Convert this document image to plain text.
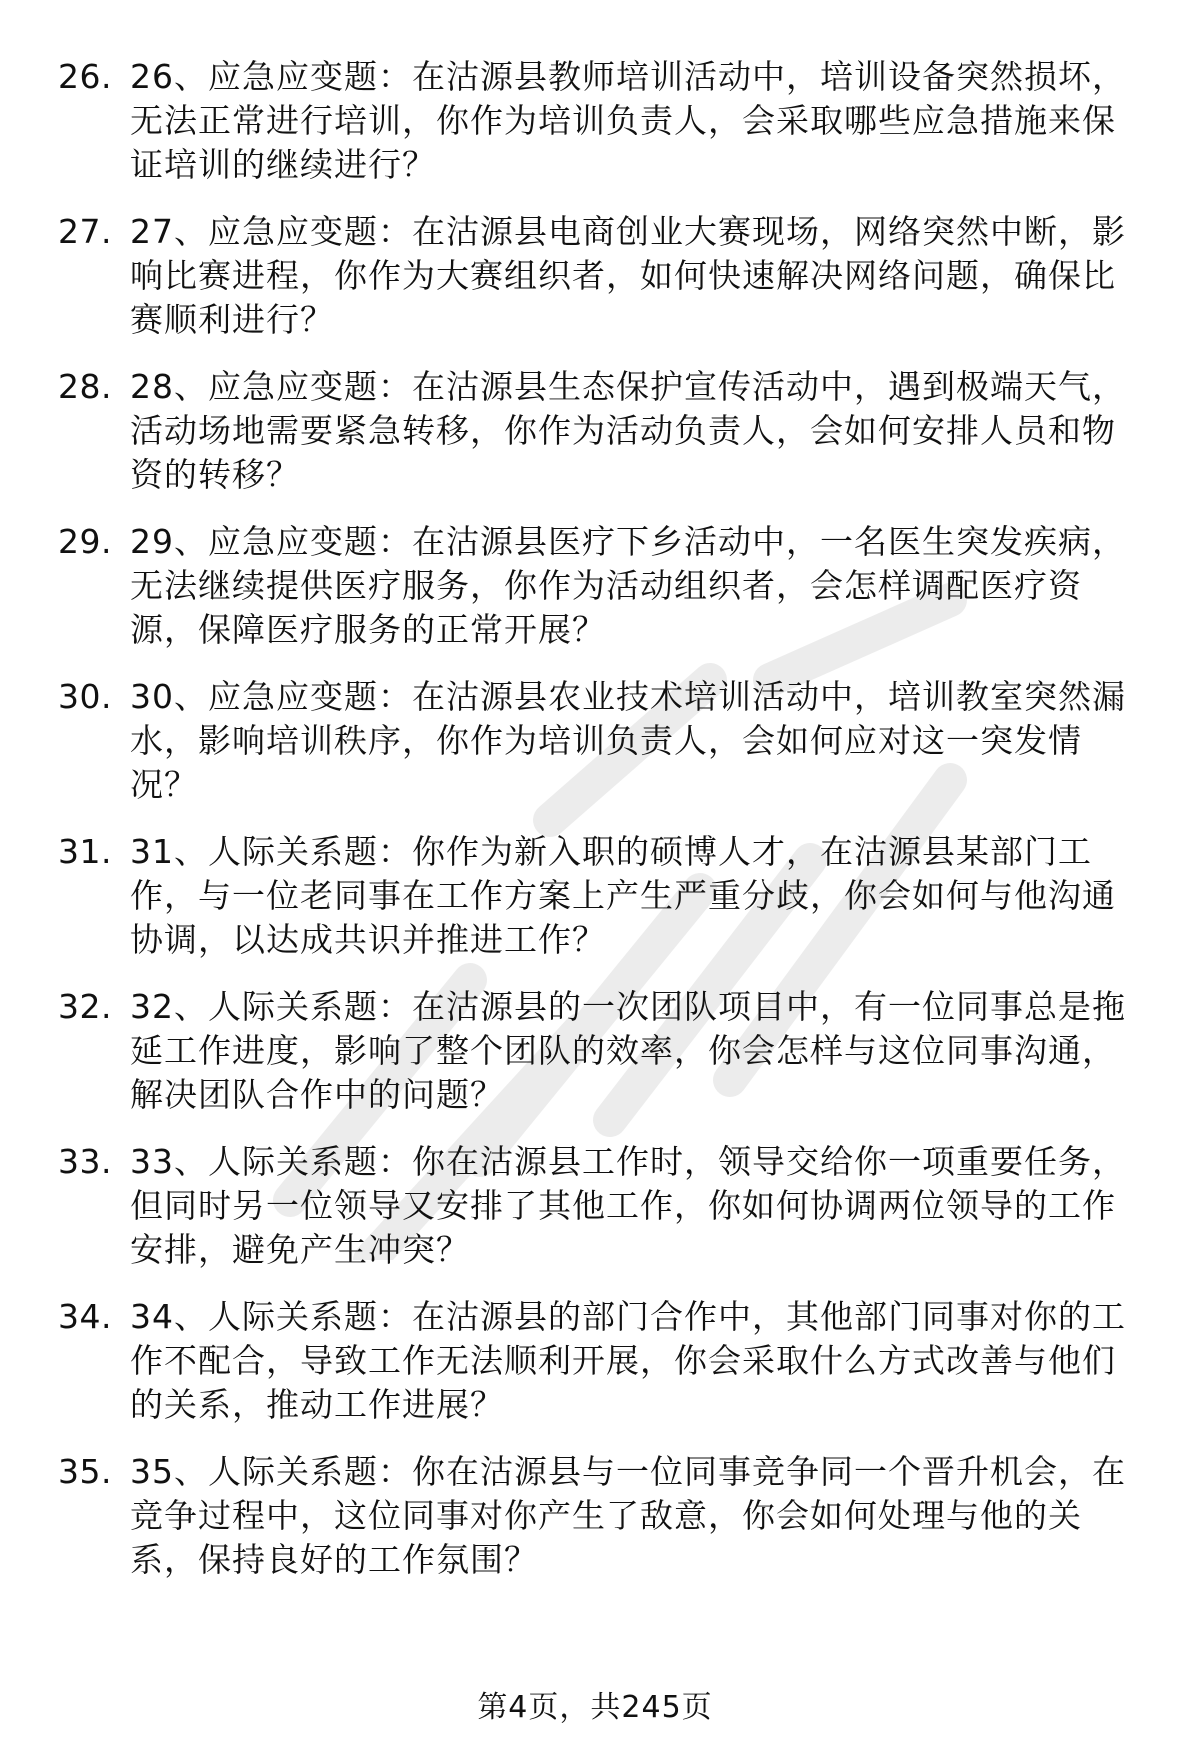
26. 26、应急应变题：在沽源县教师培训活动中，培训设备突然损坏，无法正常进行培训，你作为培训负责人，会采取哪些应急措施来保证培训的继续进行？
27. 27、应急应变题：在沽源县电商创业大赛现场，网络突然中断，影响比赛进程，你作为大赛组织者，如何快速解决网络问题，确保比赛顺利进行？
28. 28、应急应变题：在沽源县生态保护宣传活动中，遇到极端天气，活动场地需要紧急转移，你作为活动负责人，会如何安排人员和物资的转移？
29. 29、应急应变题：在沽源县医疗下乡活动中，一名医生突发疾病，无法继续提供医疗服务，你作为活动组织者，会怎样调配医疗资源，保障医疗服务的正常开展？
30. 30、应急应变题：在沽源县农业技术培训活动中，培训教室突然漏水，影响培训秩序，你作为培训负责人，会如何应对这一突发情况？
31. 31、人际关系题：你作为新入职的硕博人才，在沽源县某部门工作，与一位老同事在工作方案上产生严重分歧，你会如何与他沟通协调，以达成共识并推进工作？
32. 32、人际关系题：在沽源县的一次团队项目中，有一位同事总是拖延工作进度，影响了整个团队的效率，你会怎样与这位同事沟通，解决团队合作中的问题？
33. 33、人际关系题：你在沽源县工作时，领导交给你一项重要任务，但同时另一位领导又安排了其他工作，你如何协调两位领导的工作安排，避免产生冲突？
34. 34、人际关系题：在沽源县的部门合作中，其他部门同事对你的工作不配合，导致工作无法顺利开展，你会采取什么方式改善与他们的关系，推动工作进展？
35. 35、人际关系题：你在沽源县与一位同事竞争同一个晋升机会，在竞争过程中，这位同事对你产生了敌意，你会如何处理与他的关系，保持良好的工作氛围？
第4页，共245页
